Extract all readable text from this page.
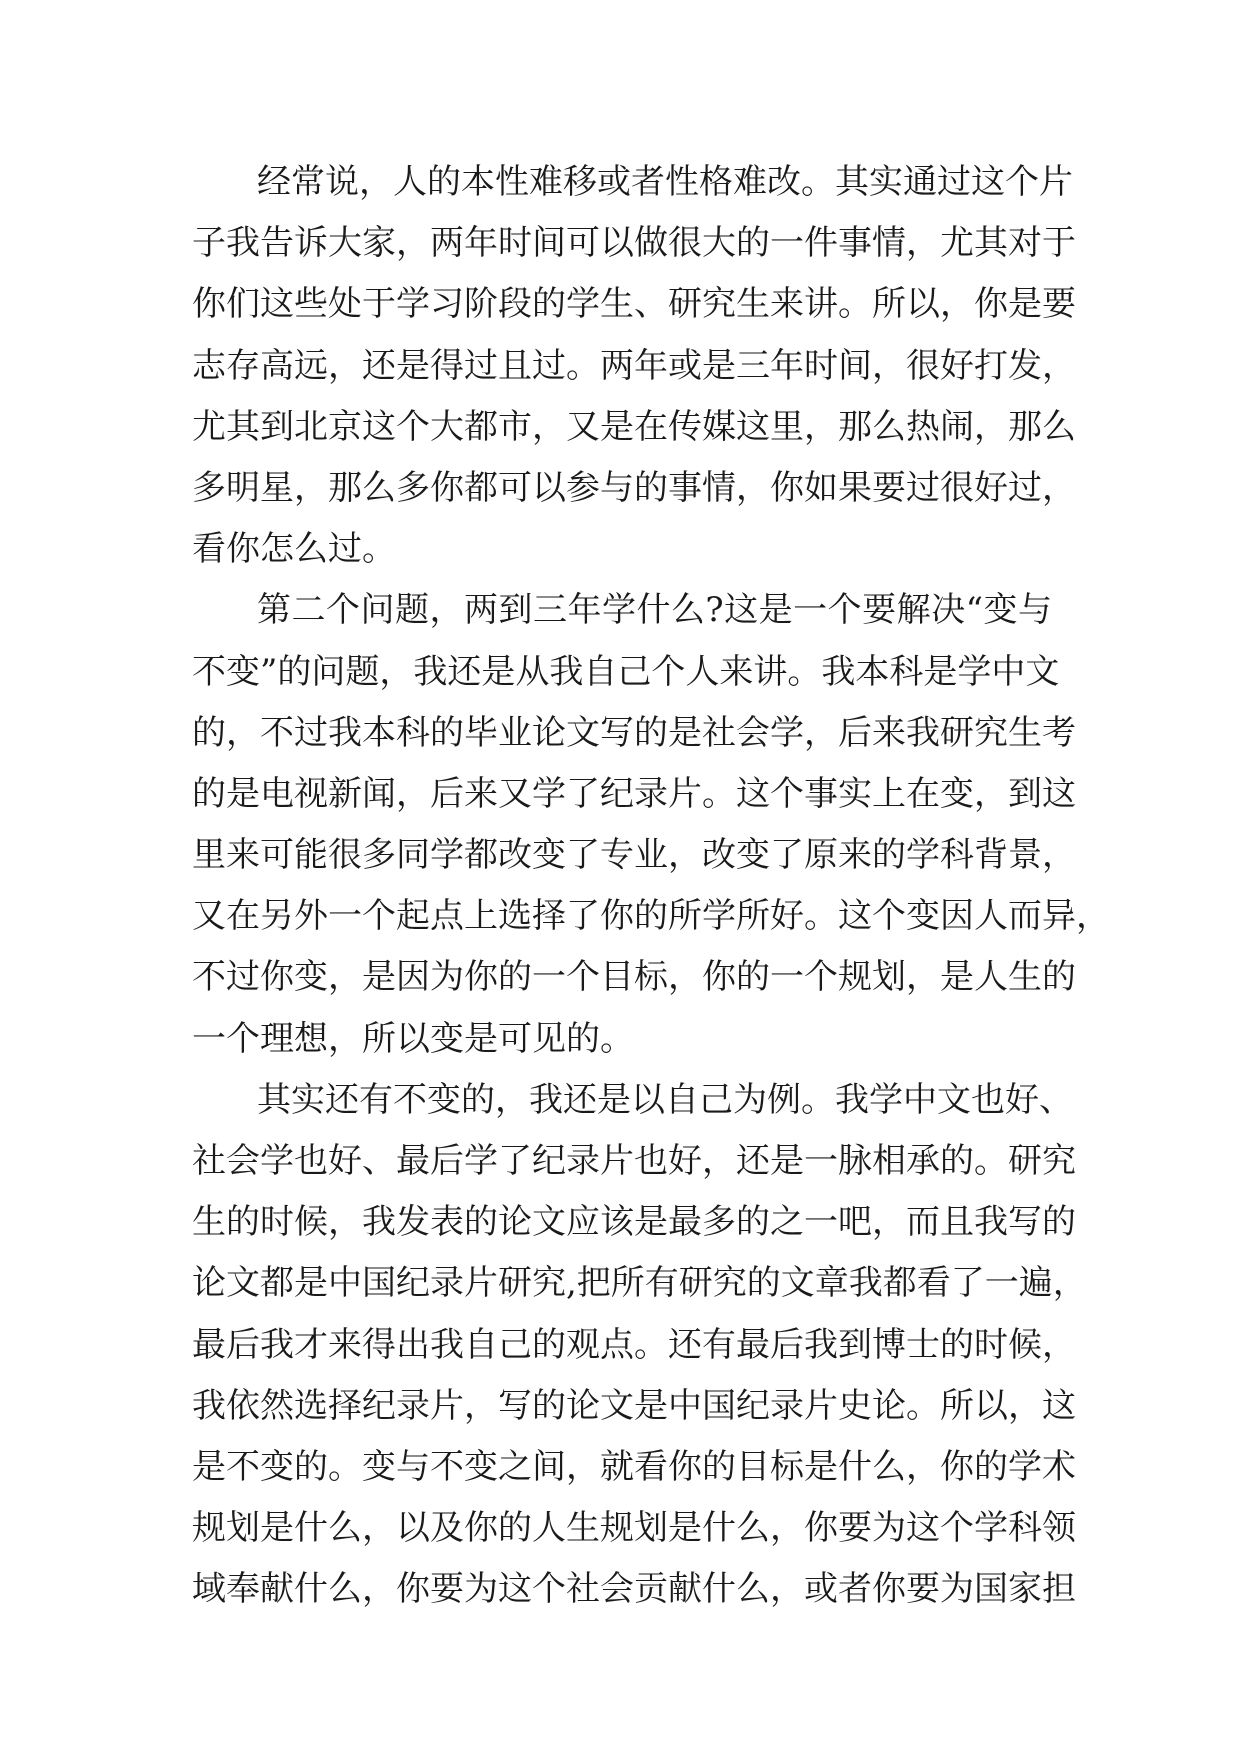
经常说，人的本性难移或者性格难改。其实通过这个片
子我告诉大家，两年时间可以做很大的一件事情，尤其对于
你们这些处于学习阶段的学生、研究生来讲。所以，你是要
志存高远，还是得过且过。两年或是三年时间，很好打发，
尤其到北京这个大都市，又是在传媒这里，那么热闹，那么
多明星，那么多你都可以参与的事情，你如果要过很好过，
看你怎么过。
第二个问题，两到三年学什么?这是一个要解决“变与
不变”的问题，我还是从我自己个人来讲。我本科是学中文
的，不过我本科的毕业论文写的是社会学，后来我研究生考
的是电视新闻，后来又学了纪录片。这个事实上在变，到这
里来可能很多同学都改变了专业，改变了原来的学科背景，
又在另外一个起点上选择了你的所学所好。这个变因人而异，
不过你变，是因为你的一个目标，你的一个规划，是人生的
一个理想，所以变是可见的。
其实还有不变的，我还是以自己为例。我学中文也好、
社会学也好、最后学了纪录片也好，还是一脉相承的。研究
生的时候，我发表的论文应该是最多的之一吧，而且我写的
论文都是中国纪录片研究,把所有研究的文章我都看了一遍，
最后我才来得出我自己的观点。还有最后我到博士的时候，
我依然选择纪录片，写的论文是中国纪录片史论。所以，这
是不变的。变与不变之间，就看你的目标是什么，你的学术
规划是什么，以及你的人生规划是什么，你要为这个学科领
域奉献什么，你要为这个社会贡献什么，或者你要为国家担
